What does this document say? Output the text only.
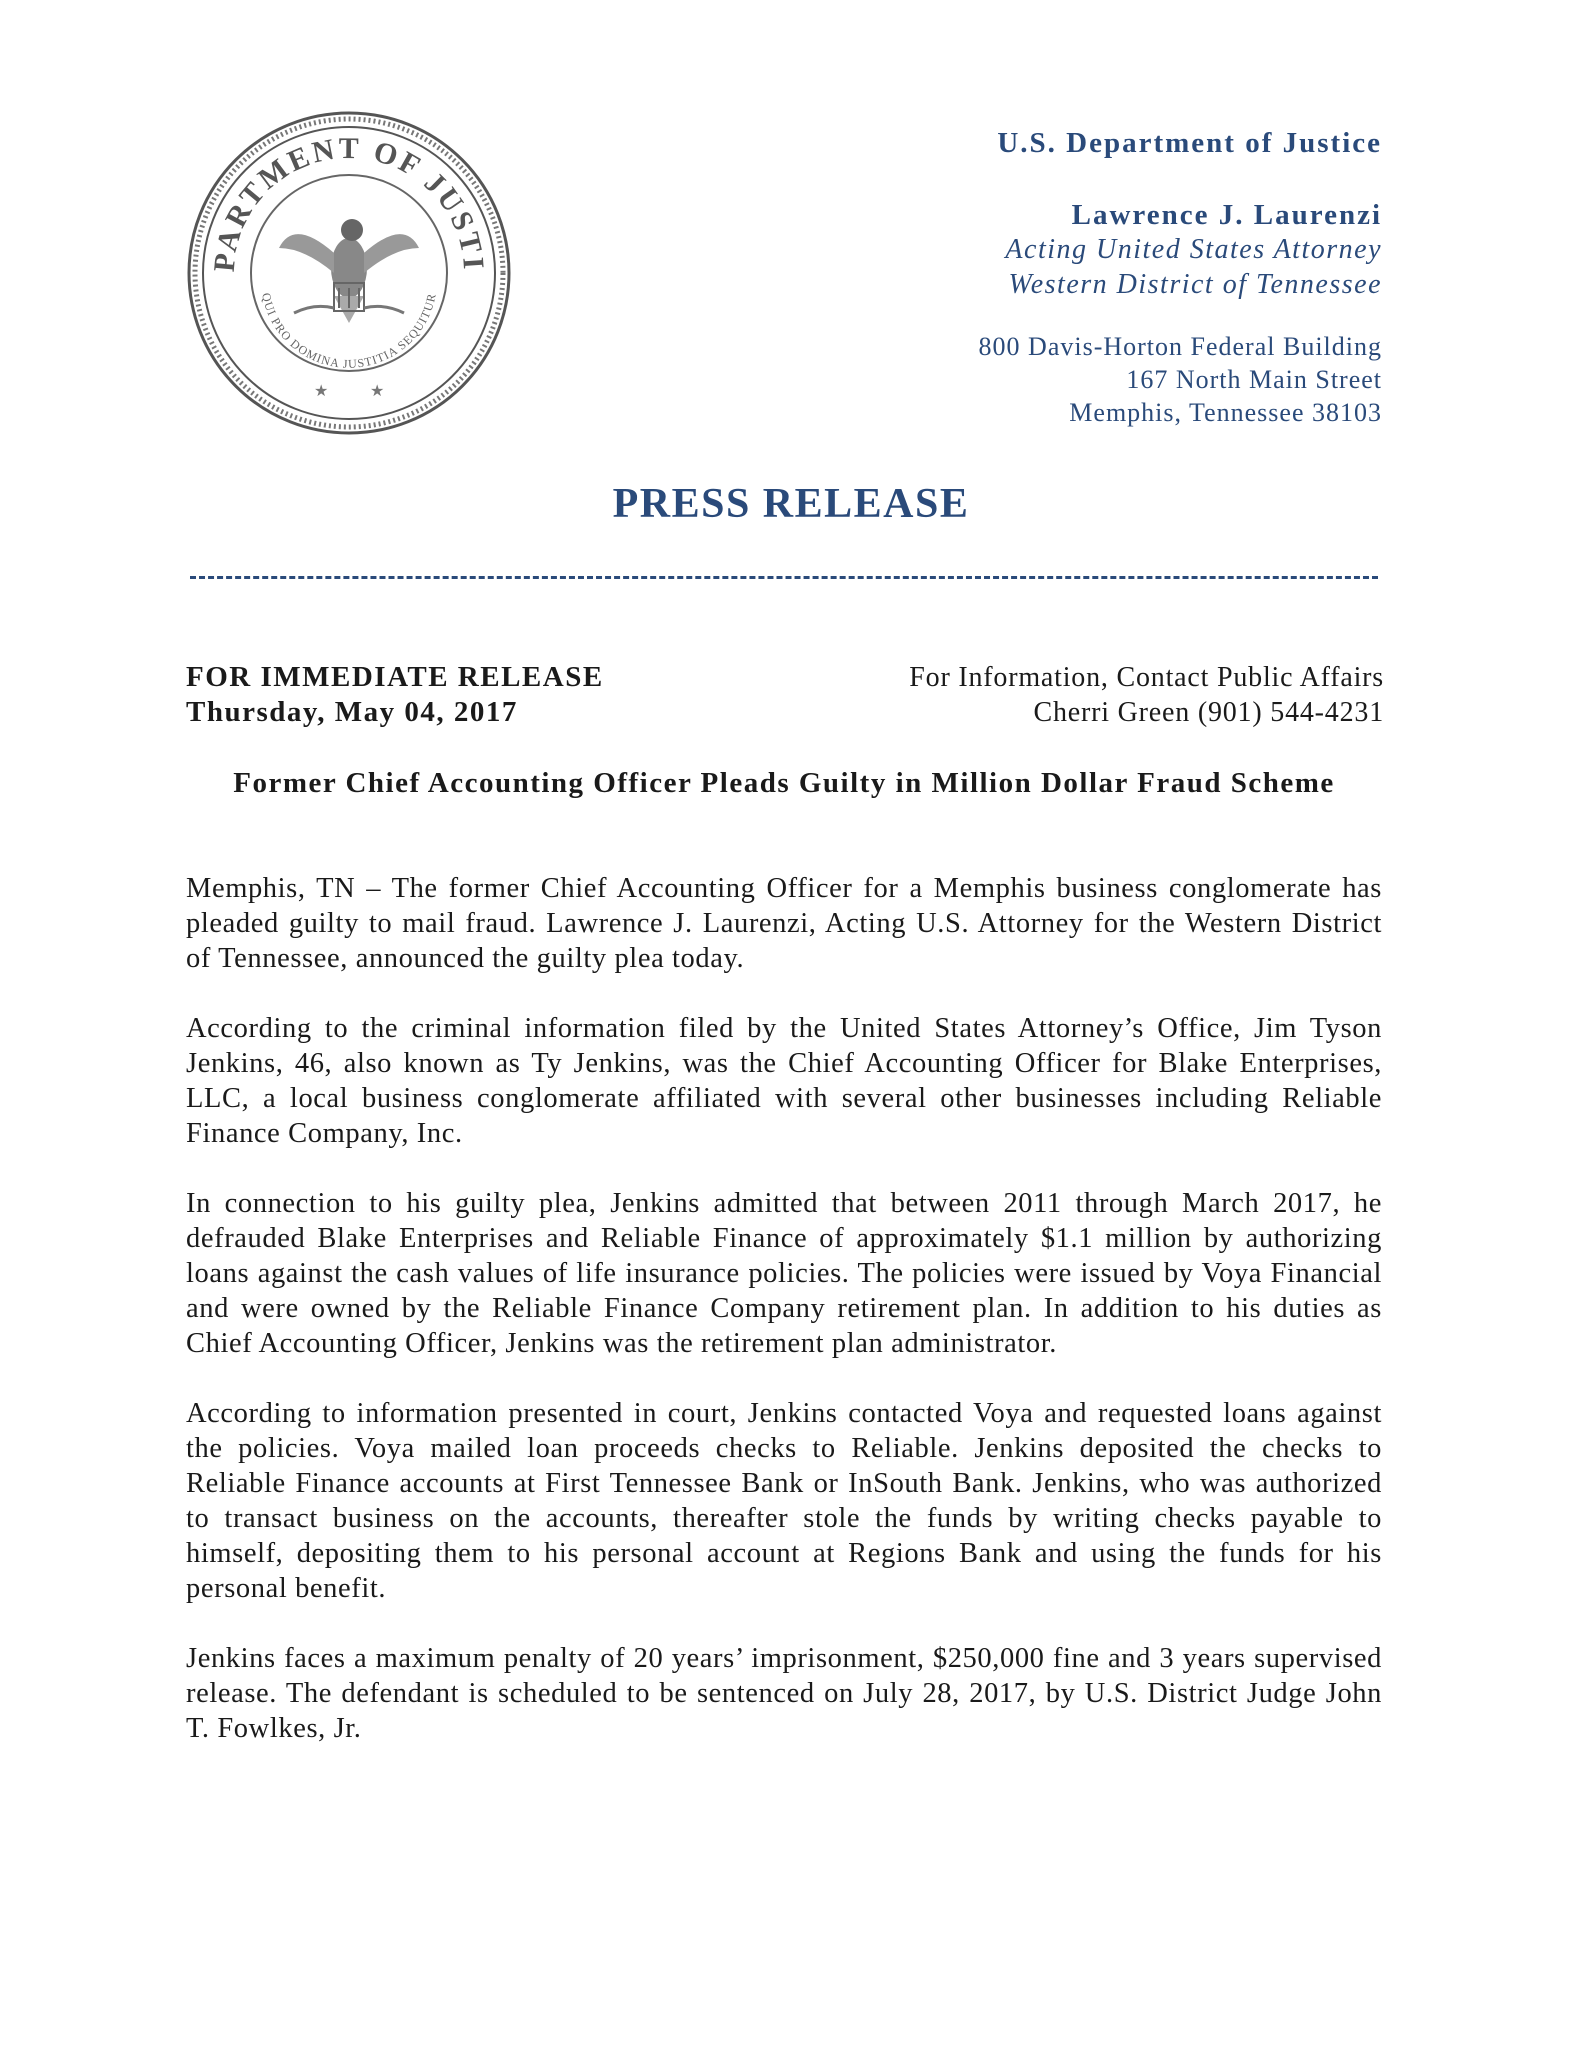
PARTMENT OF JUSTI
QUI PRO DOMINA JUSTITIA SEQUITUR
★	★
U.S. Department of Justice
Lawrence J. Laurenzi
Acting United States Attorney
Western District of Tennessee
800 Davis-Horton Federal Building
167 North Main Street
Memphis, Tennessee 38103
PRESS RELEASE
FOR IMMEDIATE RELEASE
Thursday, May 04, 2017
For Information, Contact Public Affairs
Cherri Green (901) 544-4231
Former Chief Accounting Officer Pleads Guilty in Million Dollar Fraud Scheme

Memphis, TN – The former Chief Accounting Officer for a Memphis business conglomerate has pleaded guilty to mail fraud. Lawrence J. Laurenzi, Acting U.S. Attorney for the Western District of Tennessee, announced the guilty plea today.

According to the criminal information filed by the United States Attorney’s Office, Jim Tyson Jenkins, 46, also known as Ty Jenkins, was the Chief Accounting Officer for Blake Enterprises, LLC, a local business conglomerate affiliated with several other businesses including Reliable Finance Company, Inc.

In connection to his guilty plea, Jenkins admitted that between 2011 through March 2017, he defrauded Blake Enterprises and Reliable Finance of approximately $1.1 million by authorizing loans against the cash values of life insurance policies. The policies were issued by Voya Financial and were owned by the Reliable Finance Company retirement plan. In addition to his duties as Chief Accounting Officer, Jenkins was the retirement plan administrator.

According to information presented in court, Jenkins contacted Voya and requested loans against the policies. Voya mailed loan proceeds checks to Reliable. Jenkins deposited the checks to Reliable Finance accounts at First Tennessee Bank or InSouth Bank. Jenkins, who was authorized to transact business on the accounts, thereafter stole the funds by writing checks payable to himself, depositing them to his personal account at Regions Bank and using the funds for his personal benefit.

Jenkins faces a maximum penalty of 20 years’ imprisonment, $250,000 fine and 3 years supervised release. The defendant is scheduled to be sentenced on July 28, 2017, by U.S. District Judge John T. Fowlkes, Jr.
